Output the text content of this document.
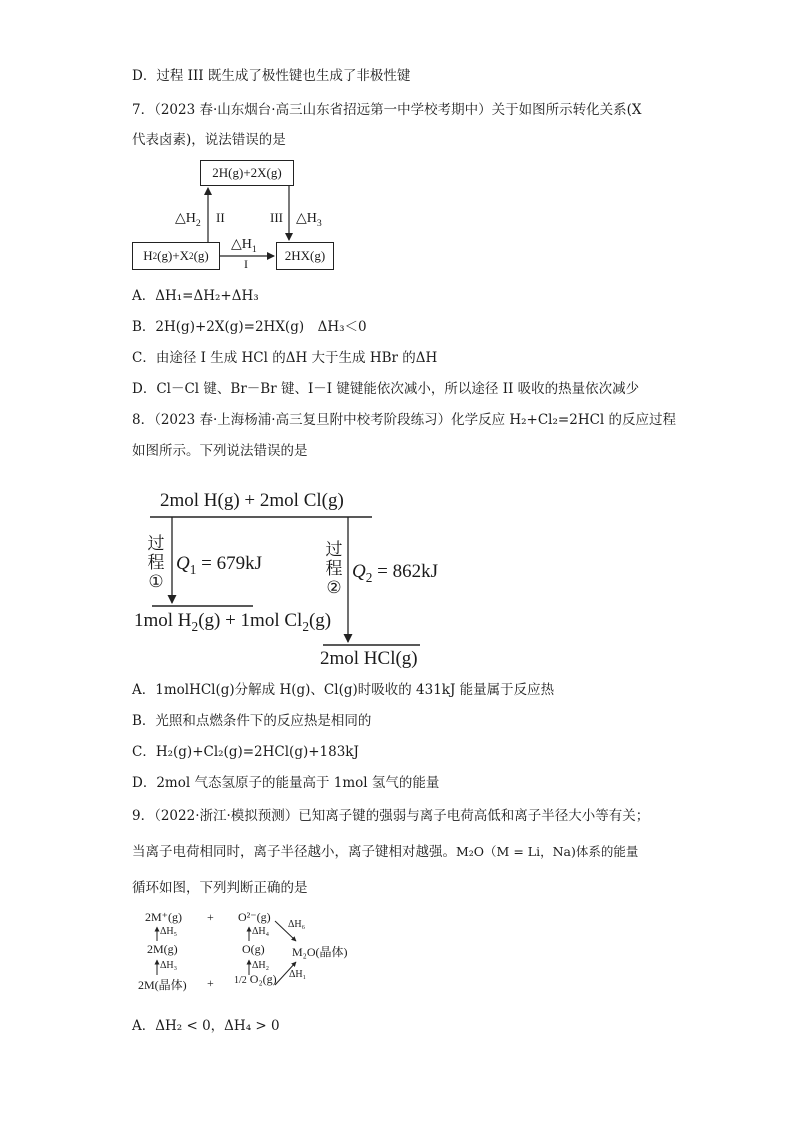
D．过程 III 既生成了极性键也生成了非极性键
7．（2023 春·山东烟台·高三山东省招远第一中学校考期中）关于如图所示转化关系(X
代表卤素)，说法错误的是
2H(g)+2X(g)
H 2 (g)+X 2 (g)	2HX(g)
$\triangle H_2$ II	III $\triangle H_3$
$\triangle H_1$
I
A．ΔH₁=ΔH₂+ΔH₃
B．2H(g)+2X(g)=2HX(g)　ΔH₃＜0
C．由途径 I 生成 HCl 的ΔH 大于生成 HBr 的ΔH
D．Cl－Cl 键、Br－Br 键、I－I 键键能依次减小，所以途径 II 吸收的热量依次减少
8．（2023 春·上海杨浦·高三复旦附中校考阶段练习）化学反应 H₂+Cl₂=2HCl 的反应过程
如图所示。下列说法错误的是
2mol H(g) + 2mol Cl(g)
过
程
①
$Q_1 = 679kJ$
过
程
②
$Q_2 = 862kJ$
1mol $H_2(g) + 1mol$ $Cl_2(g)$
2mol HCl(g)
A．1molHCl(g)分解成 H(g)、Cl(g)时吸收的 431kJ 能量属于反应热
B．光照和点燃条件下的反应热是相同的
C．H₂(g)+Cl₂(g)=2HCl(g)+183kJ
D．2mol 气态氢原子的能量高于 1mol 氢气的能量
9．（2022·浙江·模拟预测）已知离子键的强弱与离子电荷高低和离子半径大小等有关；
当离子电荷相同时，离子半径越小，离子键相对越强。M₂O（M = Li，Na)体系的能量
循环如图，下列判断正确的是
2M⁺(g) + O²⁻(g)
ΔH₅	ΔH₄
ΔH₆
2M(g)	O(g) M₂O(晶体)
ΔH₃	ΔH₂
ΔH₁
2M(晶体) + 1/2 O₂(g)
A．ΔH₂ < 0，ΔH₄ > 0
